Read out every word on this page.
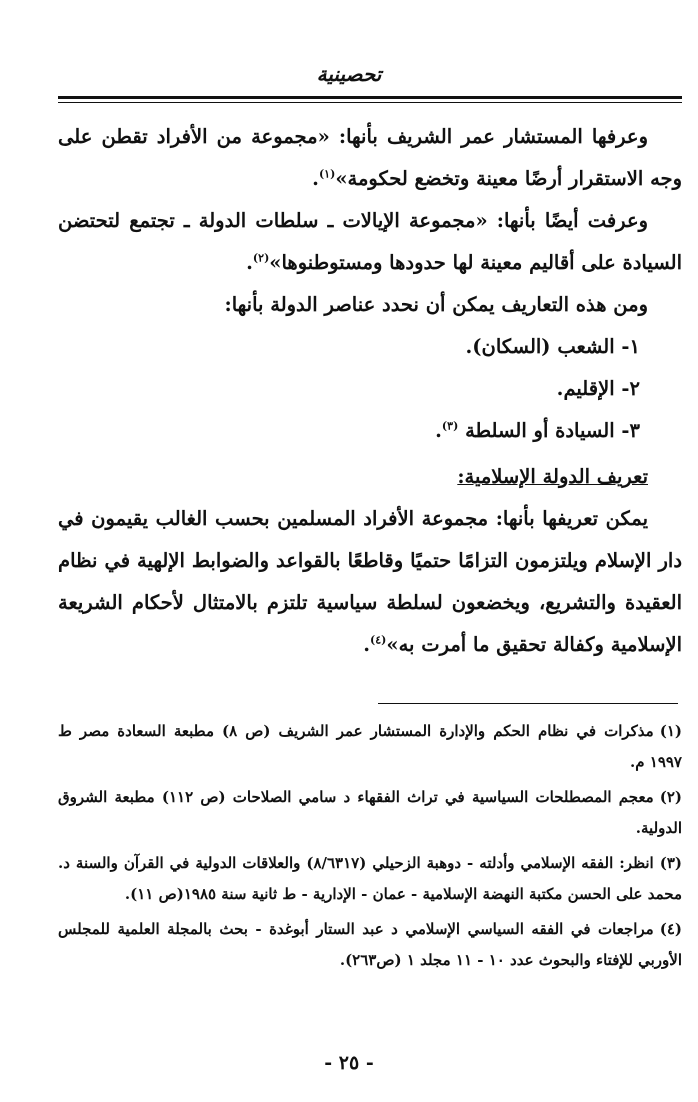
تحصينية

وعرفها المستشار عمر الشريف بأنها: «مجموعة من الأفراد تقطن على وجه الاستقرار أرضًا معينة وتخضع لحكومة»$^{(١)}$.

وعرفت أيضًا بأنها: «مجموعة الإيالات ـ سلطات الدولة ـ تجتمع لتحتضن السيادة على أقاليم معينة لها حدودها ومستوطنوها»$^{(٢)}$.

ومن هذه التعاريف يمكن أن نحدد عناصر الدولة بأنها:

١- الشعب (السكان).

٢- الإقليم.

٣- السيادة أو السلطة $^{(٣)}$.

تعريف الدولة الإسلامية:

يمكن تعريفها بأنها: مجموعة الأفراد المسلمين بحسب الغالب يقيمون في دار الإسلام ويلتزمون التزامًا حتميًا وقاطعًا بالقواعد والضوابط الإلهية في نظام العقيدة والتشريع، ويخضعون لسلطة سياسية تلتزم بالامتثال لأحكام الشريعة الإسلامية وكفالة تحقيق ما أمرت به»$^{(٤)}$.

(١)مذكرات في نظام الحكم والإدارة المستشار عمر الشريف (ص ٨) مطبعة السعادة مصر ط ١٩٩٧ م.

(٢)معجم المصطلحات السياسية في تراث الفقهاء د سامي الصلاحات (ص ١١٢) مطبعة الشروق الدولية.

(٣)انظر: الفقه الإسلامي وأدلته - دوهبة الزحيلي (٨/٦٣١٧) والعلاقات الدولية في القرآن والسنة د. محمد على الحسن مكتبة النهضة الإسلامية - عمان - الإدارية - ط ثانية سنة ١٩٨٥(ص ١١).

(٤)مراجعات في الفقه السياسي الإسلامي د عبد الستار أبوغدة - بحث بالمجلة العلمية للمجلس الأوربي للإفتاء والبحوث عدد ١٠ - ١١ مجلد ١ (ص٢٦٣).

- ٢٥ -
